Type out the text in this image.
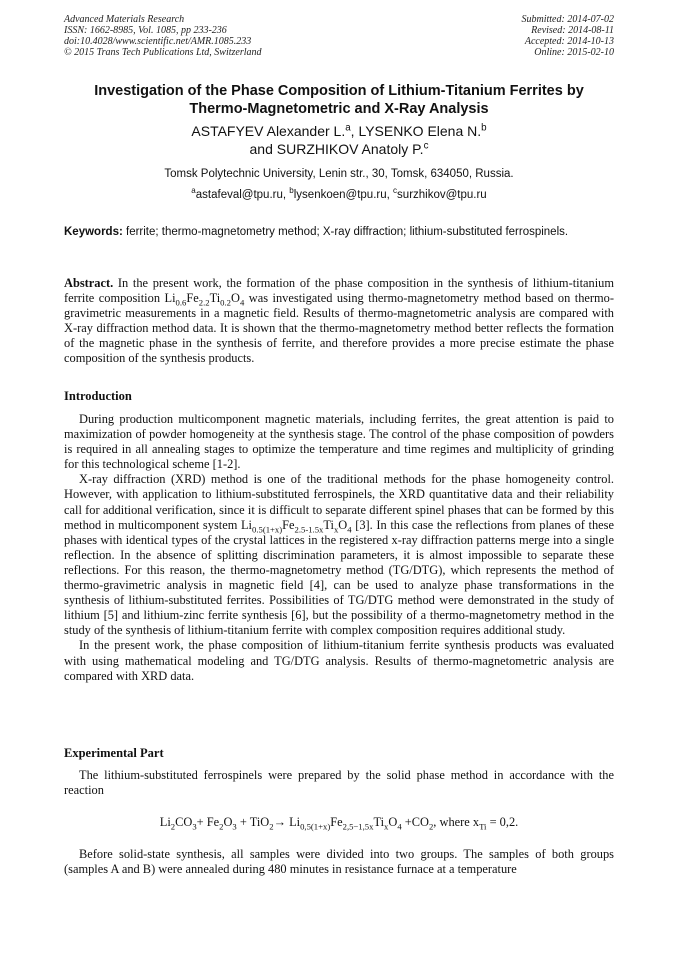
Advanced Materials Research
ISSN: 1662-8985, Vol. 1085, pp 233-236
doi:10.4028/www.scientific.net/AMR.1085.233
© 2015 Trans Tech Publications Ltd, Switzerland
Submitted: 2014-07-02
Revised: 2014-08-11
Accepted: 2014-10-13
Online: 2015-02-10
Investigation of the Phase Composition of Lithium-Titanium Ferrites by
Thermo-Magnetometric and X-Ray Analysis
ASTAFYEV Alexander L.$^a$, LYSENKO Elena N.$^b$
and SURZHIKOV Anatoly P.$^c$
Tomsk Polytechnic University, Lenin str., 30, Tomsk, 634050, Russia.
$^a$astafeval@tpu.ru, $^b$lysenkoen@tpu.ru, $^c$surzhikov@tpu.ru
Keywords: ferrite; thermo-magnetometry method; X-ray diffraction; lithium-substituted ferrospinels.

Abstract. In the present work, the formation of the phase composition in the synthesis of lithium-titanium ferrite composition $Li_{0.6}Fe_{2.2}Ti_{0.2}O_4$ was investigated using thermo-magnetometry method based on thermo-gravimetric measurements in a magnetic field. Results of thermo-magnetometric analysis are compared with X-ray diffraction method data. It is shown that the thermo-magnetometry method better reflects the formation of the magnetic phase in the synthesis of ferrite, and therefore provides a more precise estimate the phase composition of the synthesis products.

Introduction

During production multicomponent magnetic materials, including ferrites, the great attention is paid to maximization of powder homogeneity at the synthesis stage. The control of the phase composition of powders is required in all annealing stages to optimize the temperature and time regimes and multiplicity of grinding for this technological scheme [1-2].

X-ray diffraction (XRD) method is one of the traditional methods for the phase homogeneity control. However, with application to lithium-substituted ferrospinels, the XRD quantitative data and their reliability call for additional verification, since it is difficult to separate different spinel phases that can be formed by this method in multicomponent system $Li_{0.5(1+x)}Fe_{2.5-1.5x}Ti_xO_4$ [3]. In this case the reflections from planes of these phases with identical types of the crystal lattices in the registered x-ray diffraction patterns merge into a single reflection. In the absence of splitting discrimination parameters, it is almost impossible to separate these reflections. For this reason, the thermo-magnetometry method (TG/DTG), which represents the method of thermo-gravimetric analysis in magnetic field [4], can be used to analyze phase transformations in the synthesis of lithium-substituted ferrites. Possibilities of TG/DTG method were demonstrated in the study of lithium [5] and lithium-zinc ferrite synthesis [6], but the possibility of a thermo-magnetometry method in the study of the synthesis of lithium-titanium ferrite with complex composition requires additional study.

In the present work, the phase composition of lithium-titanium ferrite synthesis products was evaluated with using mathematical modeling and TG/DTG analysis. Results of thermo-magnetometric analysis are compared with XRD data.

Experimental Part

The lithium-substituted ferrospinels were prepared by the solid phase method in accordance with the reaction

$Li_2CO_3+ Fe_2O_3 + TiO_2\to Li_{0,5(1+x)}Fe_{2,5-1,5x}Ti_xO_4 +CO_2$, where $x_{Ti} = 0,2$.

Before solid-state synthesis, all samples were divided into two groups. The samples of both groups (samples A and B) were annealed during 480 minutes in resistance furnace at a temperature
